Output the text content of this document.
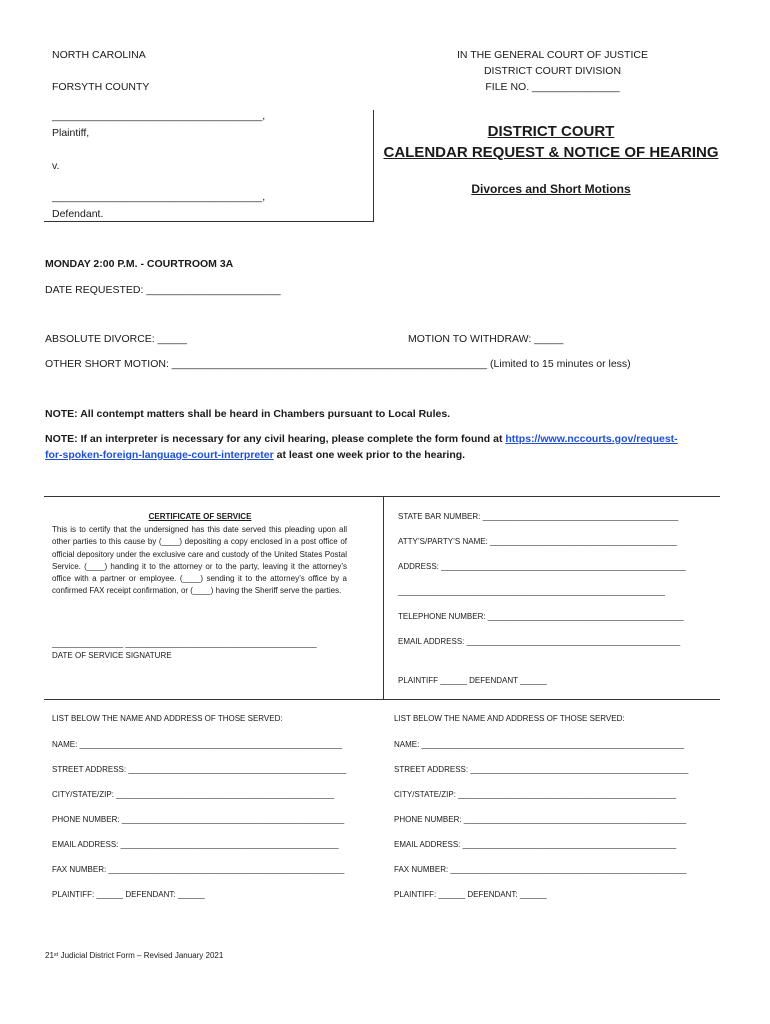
NORTH CAROLINA
FORSYTH COUNTY
IN THE GENERAL COURT OF JUSTICE
DISTRICT COURT DIVISION
FILE NO. _______________
____________________________________,
Plaintiff,
v.
____________________________________,
Defendant.
DISTRICT COURT
CALENDAR REQUEST & NOTICE OF HEARING
Divorces and Short Motions
MONDAY 2:00 P.M. - COURTROOM 3A
DATE REQUESTED: _______________________
ABSOLUTE DIVORCE: _____	MOTION TO WITHDRAW: _____
OTHER SHORT MOTION: ______________________________________________________ (Limited to 15 minutes or less)
NOTE: All contempt matters shall be heard in Chambers pursuant to Local Rules.
NOTE: If an interpreter is necessary for any civil hearing, please complete the form found at https://www.nccourts.gov/request-
for-spoken-foreign-language-court-interpreter at least one week prior to the hearing.
CERTIFICATE OF SERVICE
This is to certify that the undersigned has this date served this pleading upon all other parties to this cause by (____) depositing a copy enclosed in a post office of official depository under the exclusive care and custody of the United States Postal Service. (____) handing it to the attorney or to the party, leaving it the attorney’s office with a partner or employee. (____) sending it to the attorney’s office by a confirmed FAX receipt confirmation, or (____) having the Sheriff serve the parties.
________________ ___________________________________________
DATE OF SERVICE SIGNATURE
STATE BAR NUMBER: ____________________________________________
ATTY’S/PARTY’S NAME: __________________________________________
ADDRESS: _______________________________________________________
____________________________________________________________
TELEPHONE NUMBER: ____________________________________________
EMAIL ADDRESS: ________________________________________________
PLAINTIFF ______ DEFENDANT ______
LIST BELOW THE NAME AND ADDRESS OF THOSE SERVED:
NAME: ___________________________________________________________
STREET ADDRESS: _________________________________________________
CITY/STATE/ZIP: _________________________________________________
PHONE NUMBER: __________________________________________________
EMAIL ADDRESS: _________________________________________________
FAX NUMBER: _____________________________________________________
PLAINTIFF: ______ DEFENDANT: ______
LIST BELOW THE NAME AND ADDRESS OF THOSE SERVED:
NAME: ___________________________________________________________
STREET ADDRESS: _________________________________________________
CITY/STATE/ZIP: _________________________________________________
PHONE NUMBER: __________________________________________________
EMAIL ADDRESS: ________________________________________________
FAX NUMBER: _____________________________________________________
PLAINTIFF: ______ DEFENDANT: ______
21ˢᵗ Judicial District Form – Revised January 2021
